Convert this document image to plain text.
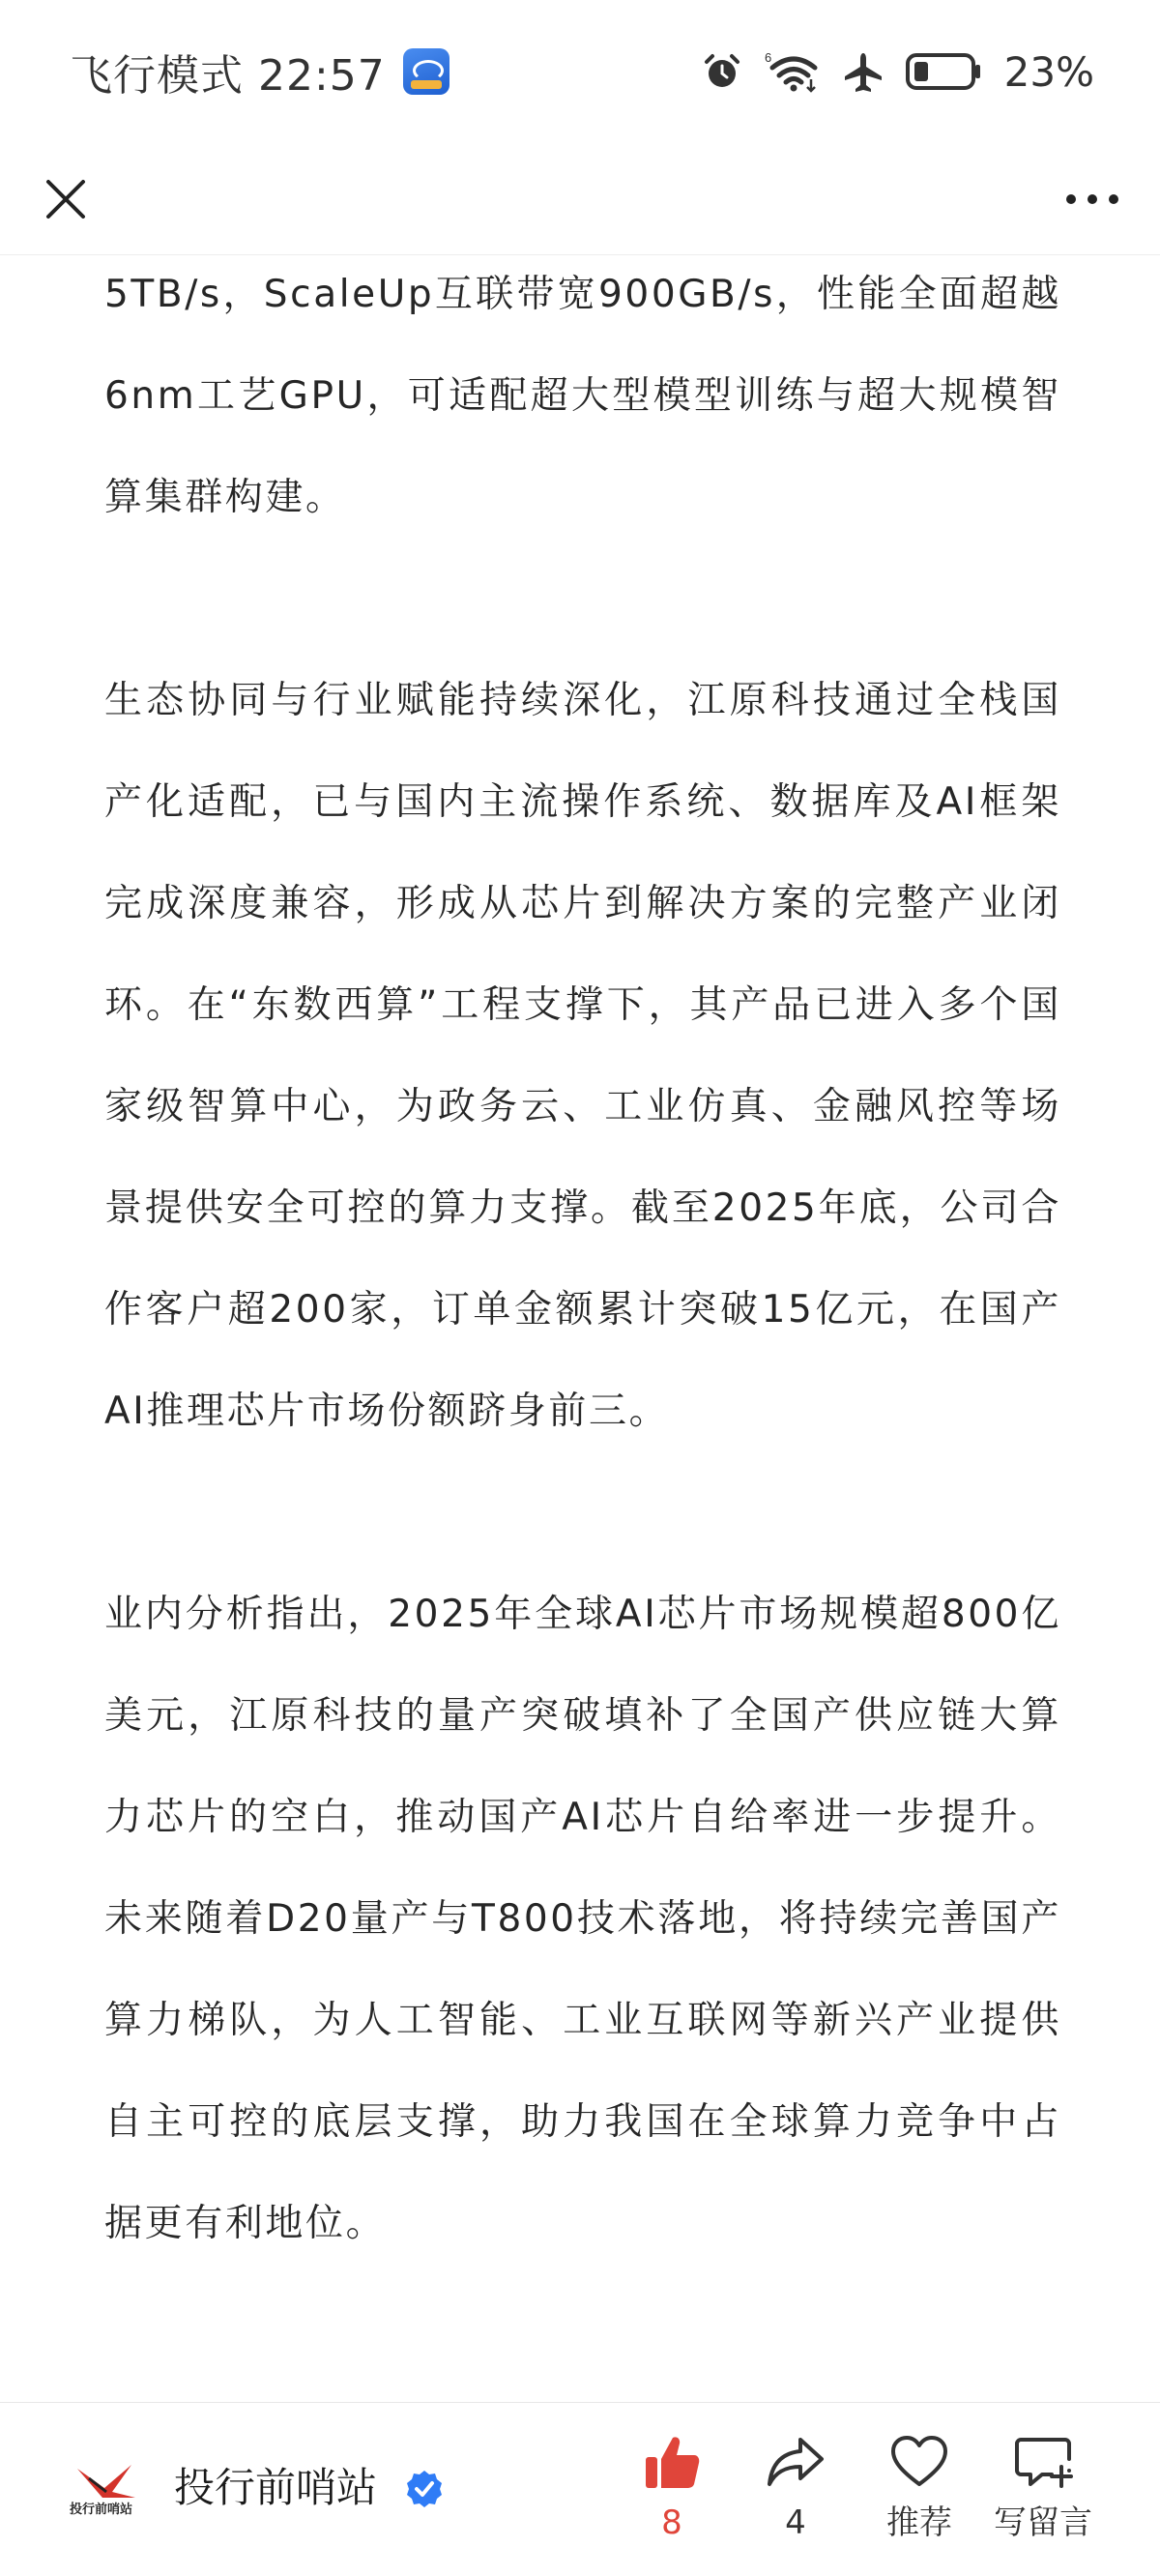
飞行模式 22:57	6	23%

5TB/s，ScaleUp互联带宽900GB/s，性能全面超越6nm工艺GPU，可适配超大型模型训练与超大规模智算集群构建。

生态协同与行业赋能持续深化，江原科技通过全栈国产化适配，已与国内主流操作系统、数据库及AI框架完成深度兼容，形成从芯片到解决方案的完整产业闭环。在“东数西算”工程支撑下，其产品已进入多个国家级智算中心，为政务云、工业仿真、金融风控等场景提供安全可控的算力支撑。截至2025年底，公司合作客户超200家，订单金额累计突破15亿元，在国产AI推理芯片市场份额跻身前三。

业内分析指出，2025年全球AI芯片市场规模超800亿美元，江原科技的量产突破填补了全国产供应链大算力芯片的空白，推动国产AI芯片自给率进一步提升。未来随着D20量产与T800技术落地，将持续完善国产算力梯队，为人工智能、工业互联网等新兴产业提供自主可控的底层支撑，助力我国在全球算力竞争中占据更有利地位。

投行前哨站 投行前哨站
8	4	推荐	写留言
